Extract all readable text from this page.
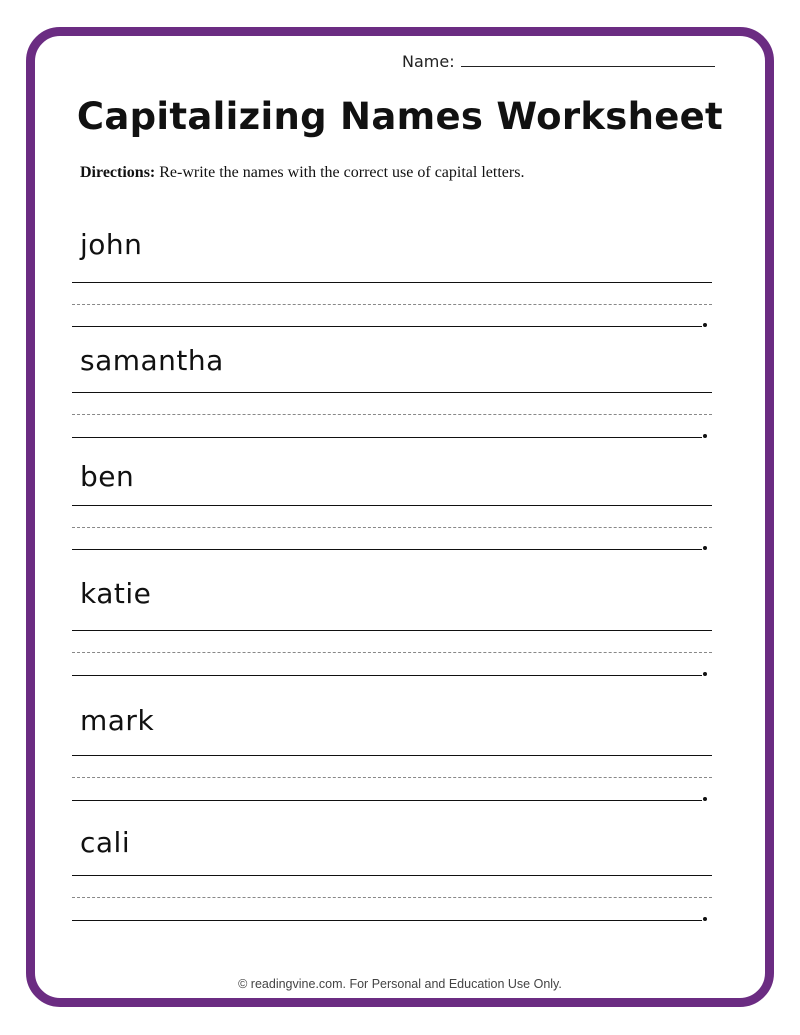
Name:
Capitalizing Names Worksheet
Directions: Re-write the names with the correct use of capital letters.
john
samantha
ben
katie
mark
cali
© readingvine.com. For Personal and Education Use Only.
